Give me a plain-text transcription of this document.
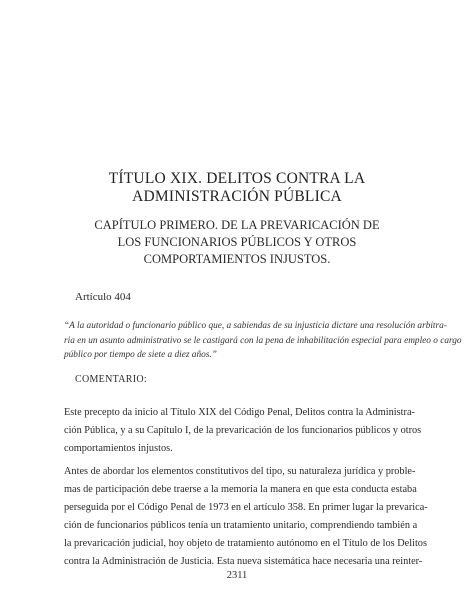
TÍTULO XIX. DELITOS CONTRA LA
ADMINISTRACIÓN PÚBLICA
CAPÍTULO PRIMERO. DE LA PREVARICACIÓN DE
LOS FUNCIONARIOS PÚBLICOS Y OTROS
COMPORTAMIENTOS INJUSTOS.
Artículo 404
“A la autoridad o funcionario público que, a sabiendas de su injusticia dictare una resolución arbitra-
ria en un asunto administrativo se le castigará con la pena de inhabilitación especial para empleo o cargo
público por tiempo de siete a diez años.”
COMENTARIO:
Este precepto da inicio al Título XIX del Código Penal, Delitos contra la Administra-
ción Pública, y a su Capítulo I, de la prevaricación de los funcionarios públicos y otros
comportamientos injustos.
Antes de abordar los elementos constitutivos del tipo, su naturaleza jurídica y proble-
mas de participación debe traerse a la memoria la manera en que esta conducta estaba
perseguida por el Código Penal de 1973 en el artículo 358. En primer lugar la prevarica-
ción de funcionarios públicos tenía un tratamiento unitario, comprendiendo también a
la prevaricación judicial, hoy objeto de tratamiento autónomo en el Título de los Delitos
contra la Administración de Justicia. Esta nueva sistemática hace necesaria una reinter-
2311
